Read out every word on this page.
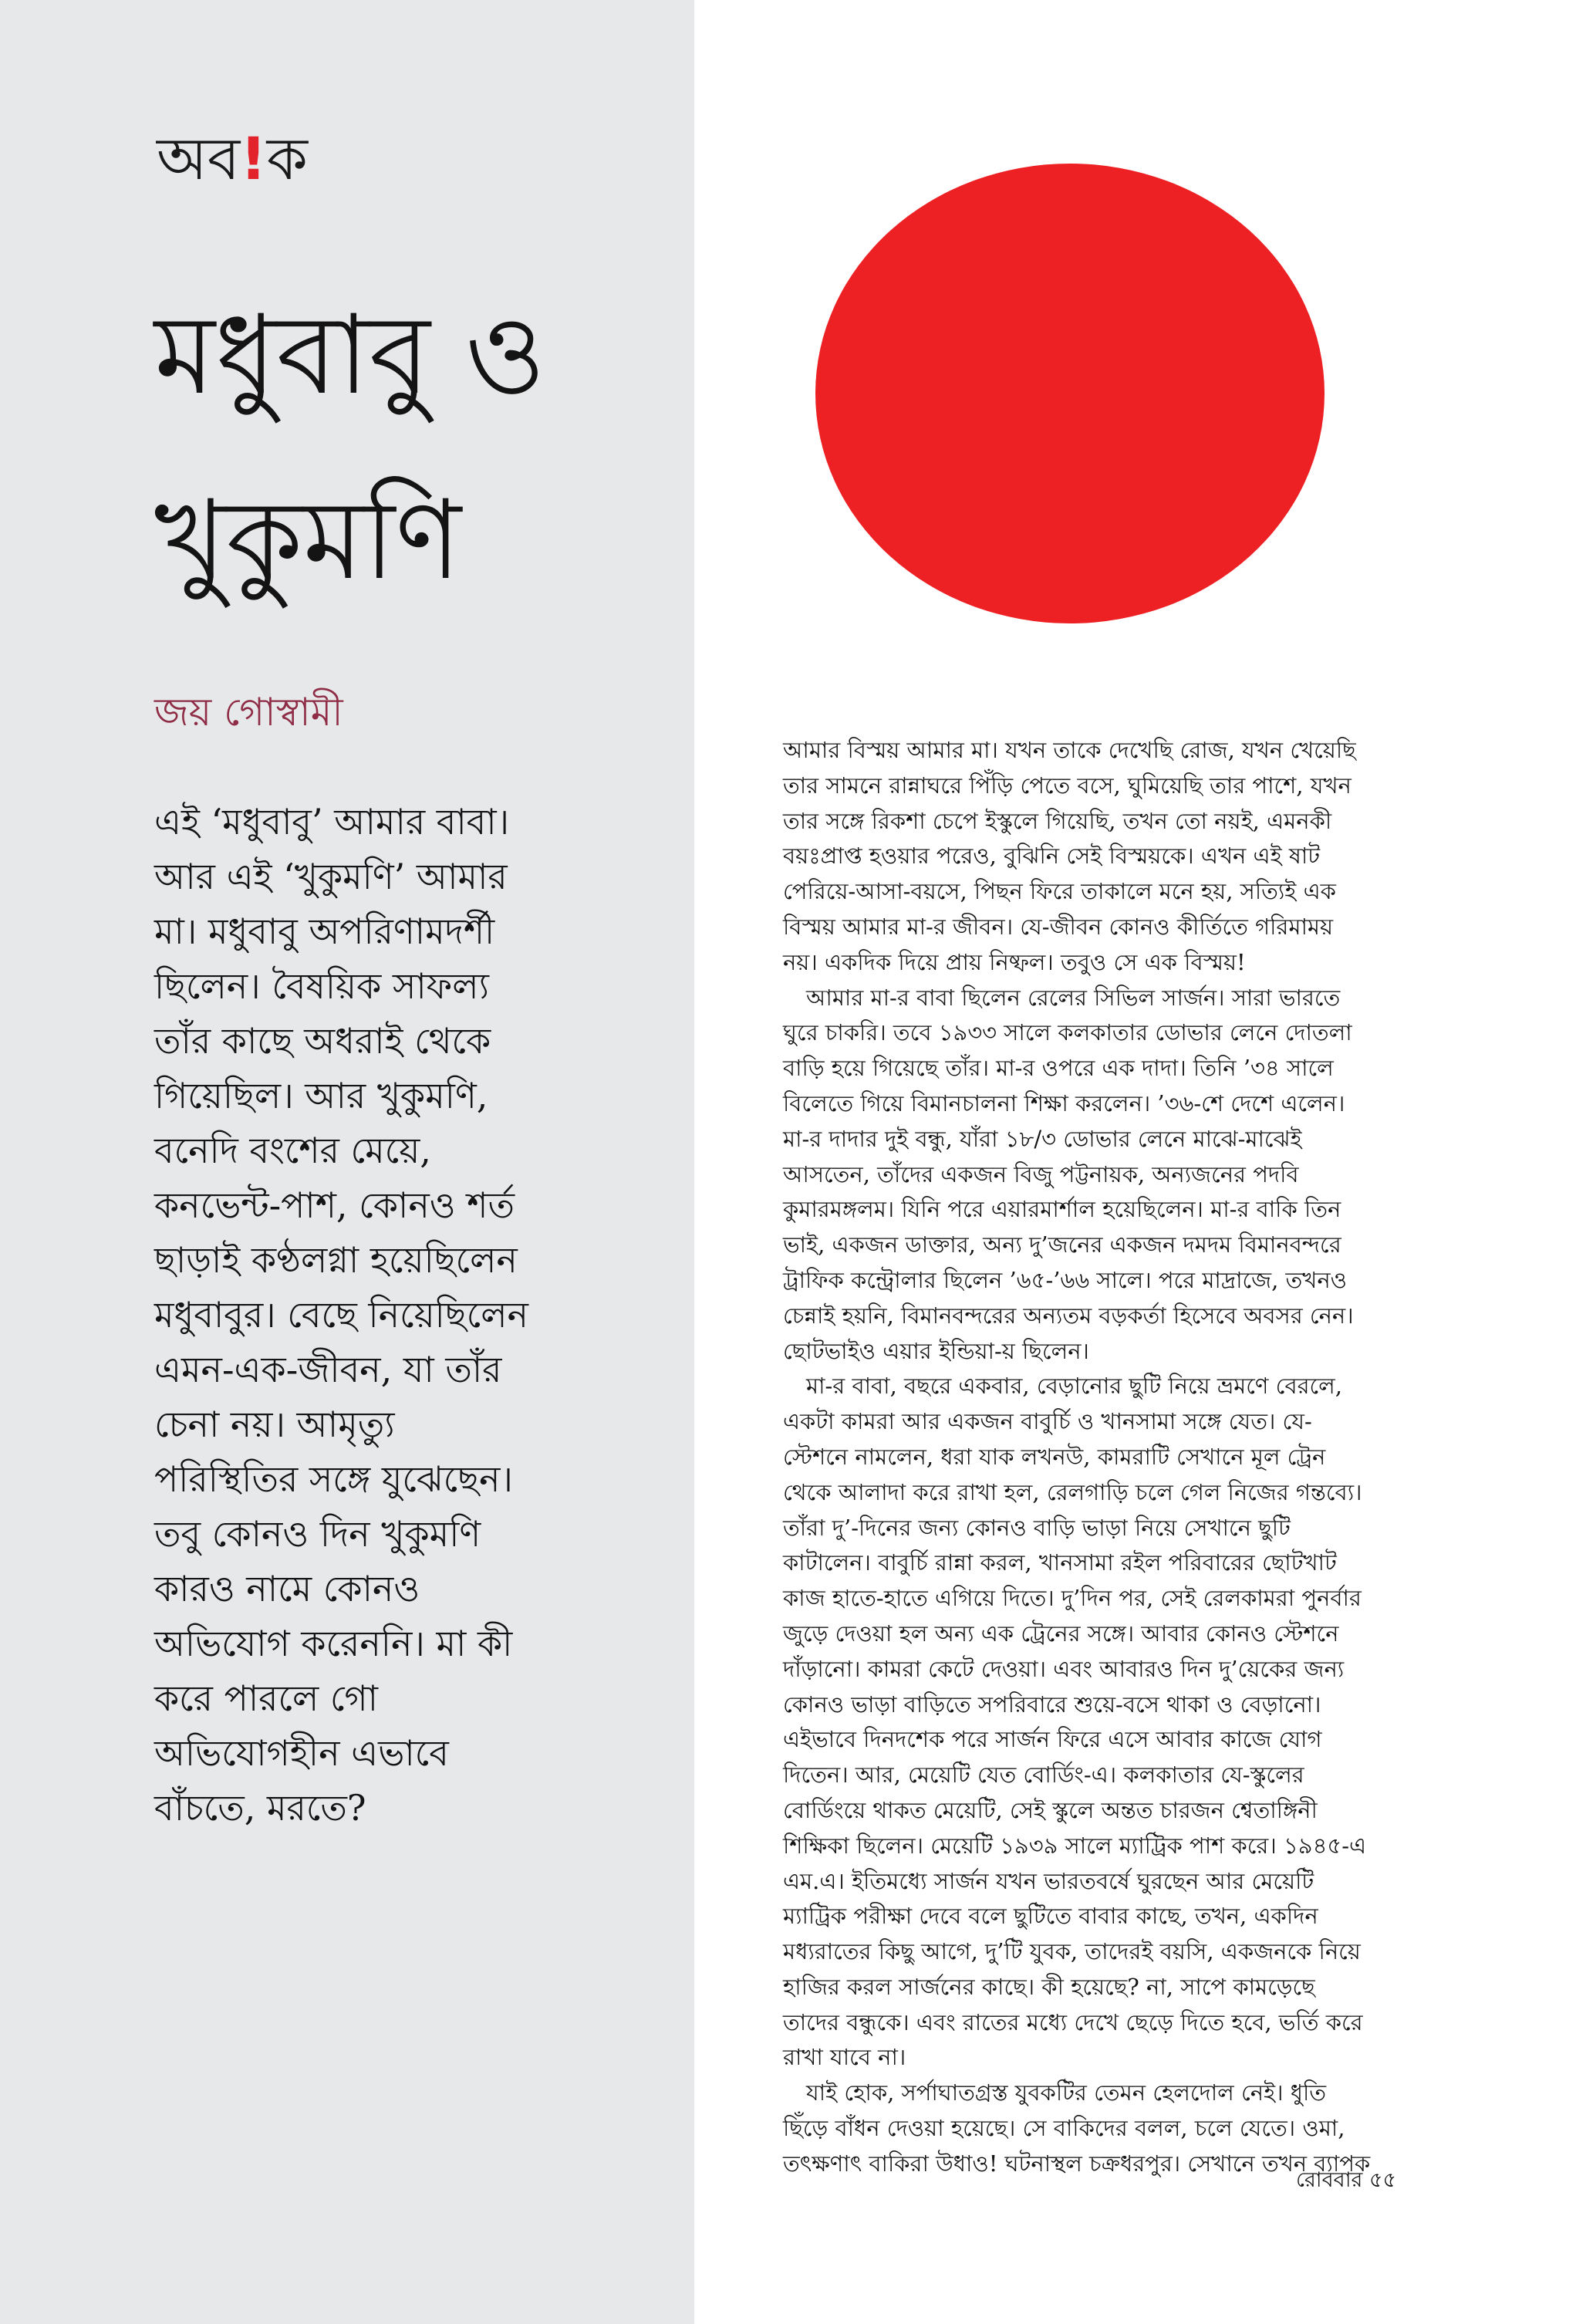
অব!ক
মধুবাবু ও
খুকুমণি
জয় গোস্বামী
এই ‘মধুবাবু’ আমার বাবা।
আর এই ‘খুকুমণি’ আমার
মা। মধুবাবু অপরিণামদর্শী
ছিলেন। বৈষয়িক সাফল্য
তাঁর কাছে অধরাই থেকে
গিয়েছিল। আর খুকুমণি,
বনেদি বংশের মেয়ে,
কনভেন্ট-পাশ, কোনও শর্ত
ছাড়াই কণ্ঠলগ্না হয়েছিলেন
মধুবাবুর। বেছে নিয়েছিলেন
এমন-এক-জীবন, যা তাঁর
চেনা নয়। আমৃত্যু
পরিস্থিতির সঙ্গে যুঝেছেন।
তবু কোনও দিন খুকুমণি
কারও নামে কোনও
অভিযোগ করেননি। মা কী
করে পারলে গো
অভিযোগহীন এভাবে
বাঁচতে, মরতে?
আমার বিস্ময় আমার মা। যখন তাকে দেখেছি রোজ, যখন খেয়েছি
তার সামনে রান্নাঘরে পিঁড়ি পেতে বসে, ঘুমিয়েছি তার পাশে, যখন
তার সঙ্গে রিকশা চেপে ইস্কুলে গিয়েছি, তখন তো নয়ই, এমনকী
বয়ঃপ্রাপ্ত হওয়ার পরেও, বুঝিনি সেই বিস্ময়কে। এখন এই ষাট
পেরিয়ে-আসা-বয়সে, পিছন ফিরে তাকালে মনে হয়, সত্যিই এক
বিস্ময় আমার মা-র জীবন। যে-জীবন কোনও কীর্তিতে গরিমাময়
নয়। একদিক দিয়ে প্রায় নিষ্ফল। তবুও সে এক বিস্ময়!
আমার মা-র বাবা ছিলেন রেলের সিভিল সার্জন। সারা ভারতে
ঘুরে চাকরি। তবে ১৯৩৩ সালে কলকাতার ডোভার লেনে দোতলা
বাড়ি হয়ে গিয়েছে তাঁর। মা-র ওপরে এক দাদা। তিনি ’৩৪ সালে
বিলেতে গিয়ে বিমানচালনা শিক্ষা করলেন। ’৩৬-শে দেশে এলেন।
মা-র দাদার দুই বন্ধু, যাঁরা ১৮/৩ ডোভার লেনে মাঝে-মাঝেই
আসতেন, তাঁদের একজন বিজু পট্টনায়ক, অন্যজনের পদবি
কুমারমঙ্গলম। যিনি পরে এয়ারমার্শাল হয়েছিলেন। মা-র বাকি তিন
ভাই, একজন ডাক্তার, অন্য দু’জনের একজন দমদম বিমানবন্দরে
ট্রাফিক কন্ট্রোলার ছিলেন ’৬৫-’৬৬ সালে। পরে মাদ্রাজে, তখনও
চেন্নাই হয়নি, বিমানবন্দরের অন্যতম বড়কর্তা হিসেবে অবসর নেন।
ছোটভাইও এয়ার ইন্ডিয়া-য় ছিলেন।
মা-র বাবা, বছরে একবার, বেড়ানোর ছুটি নিয়ে ভ্রমণে বেরলে,
একটা কামরা আর একজন বাবুর্চি ও খানসামা সঙ্গে যেত। যে-
স্টেশনে নামলেন, ধরা যাক লখনউ, কামরাটি সেখানে মূল ট্রেন
থেকে আলাদা করে রাখা হল, রেলগাড়ি চলে গেল নিজের গন্তব্যে।
তাঁরা দু’-দিনের জন্য কোনও বাড়ি ভাড়া নিয়ে সেখানে ছুটি
কাটালেন। বাবুর্চি রান্না করল, খানসামা রইল পরিবারের ছোটখাট
কাজ হাতে-হাতে এগিয়ে দিতে। দু’দিন পর, সেই রেলকামরা পুনর্বার
জুড়ে দেওয়া হল অন্য এক ট্রেনের সঙ্গে। আবার কোনও স্টেশনে
দাঁড়ানো। কামরা কেটে দেওয়া। এবং আবারও দিন দু’য়েকের জন্য
কোনও ভাড়া বাড়িতে সপরিবারে শুয়ে-বসে থাকা ও বেড়ানো।
এইভাবে দিনদশেক পরে সার্জন ফিরে এসে আবার কাজে যোগ
দিতেন। আর, মেয়েটি যেত বোর্ডিং-এ। কলকাতার যে-স্কুলের
বোর্ডিংয়ে থাকত মেয়েটি, সেই স্কুলে অন্তত চারজন শ্বেতাঙ্গিনী
শিক্ষিকা ছিলেন। মেয়েটি ১৯৩৯ সালে ম্যাট্রিক পাশ করে। ১৯৪৫-এ
এম.এ। ইতিমধ্যে সার্জন যখন ভারতবর্ষে ঘুরছেন আর মেয়েটি
ম্যাট্রিক পরীক্ষা দেবে বলে ছুটিতে বাবার কাছে, তখন, একদিন
মধ্যরাতের কিছু আগে, দু’টি যুবক, তাদেরই বয়সি, একজনকে নিয়ে
হাজির করল সার্জনের কাছে। কী হয়েছে? না, সাপে কামড়েছে
তাদের বন্ধুকে। এবং রাতের মধ্যে দেখে ছেড়ে দিতে হবে, ভর্তি করে
রাখা যাবে না।
যাই হোক, সর্পাঘাতগ্রস্ত যুবকটির তেমন হেলদোল নেই। ধুতি
ছিঁড়ে বাঁধন দেওয়া হয়েছে। সে বাকিদের বলল, চলে যেতে। ওমা,
তৎক্ষণাৎ বাকিরা উধাও! ঘটনাস্থল চক্রধরপুর। সেখানে তখন ব্যাপক
রোববার ৫৫
